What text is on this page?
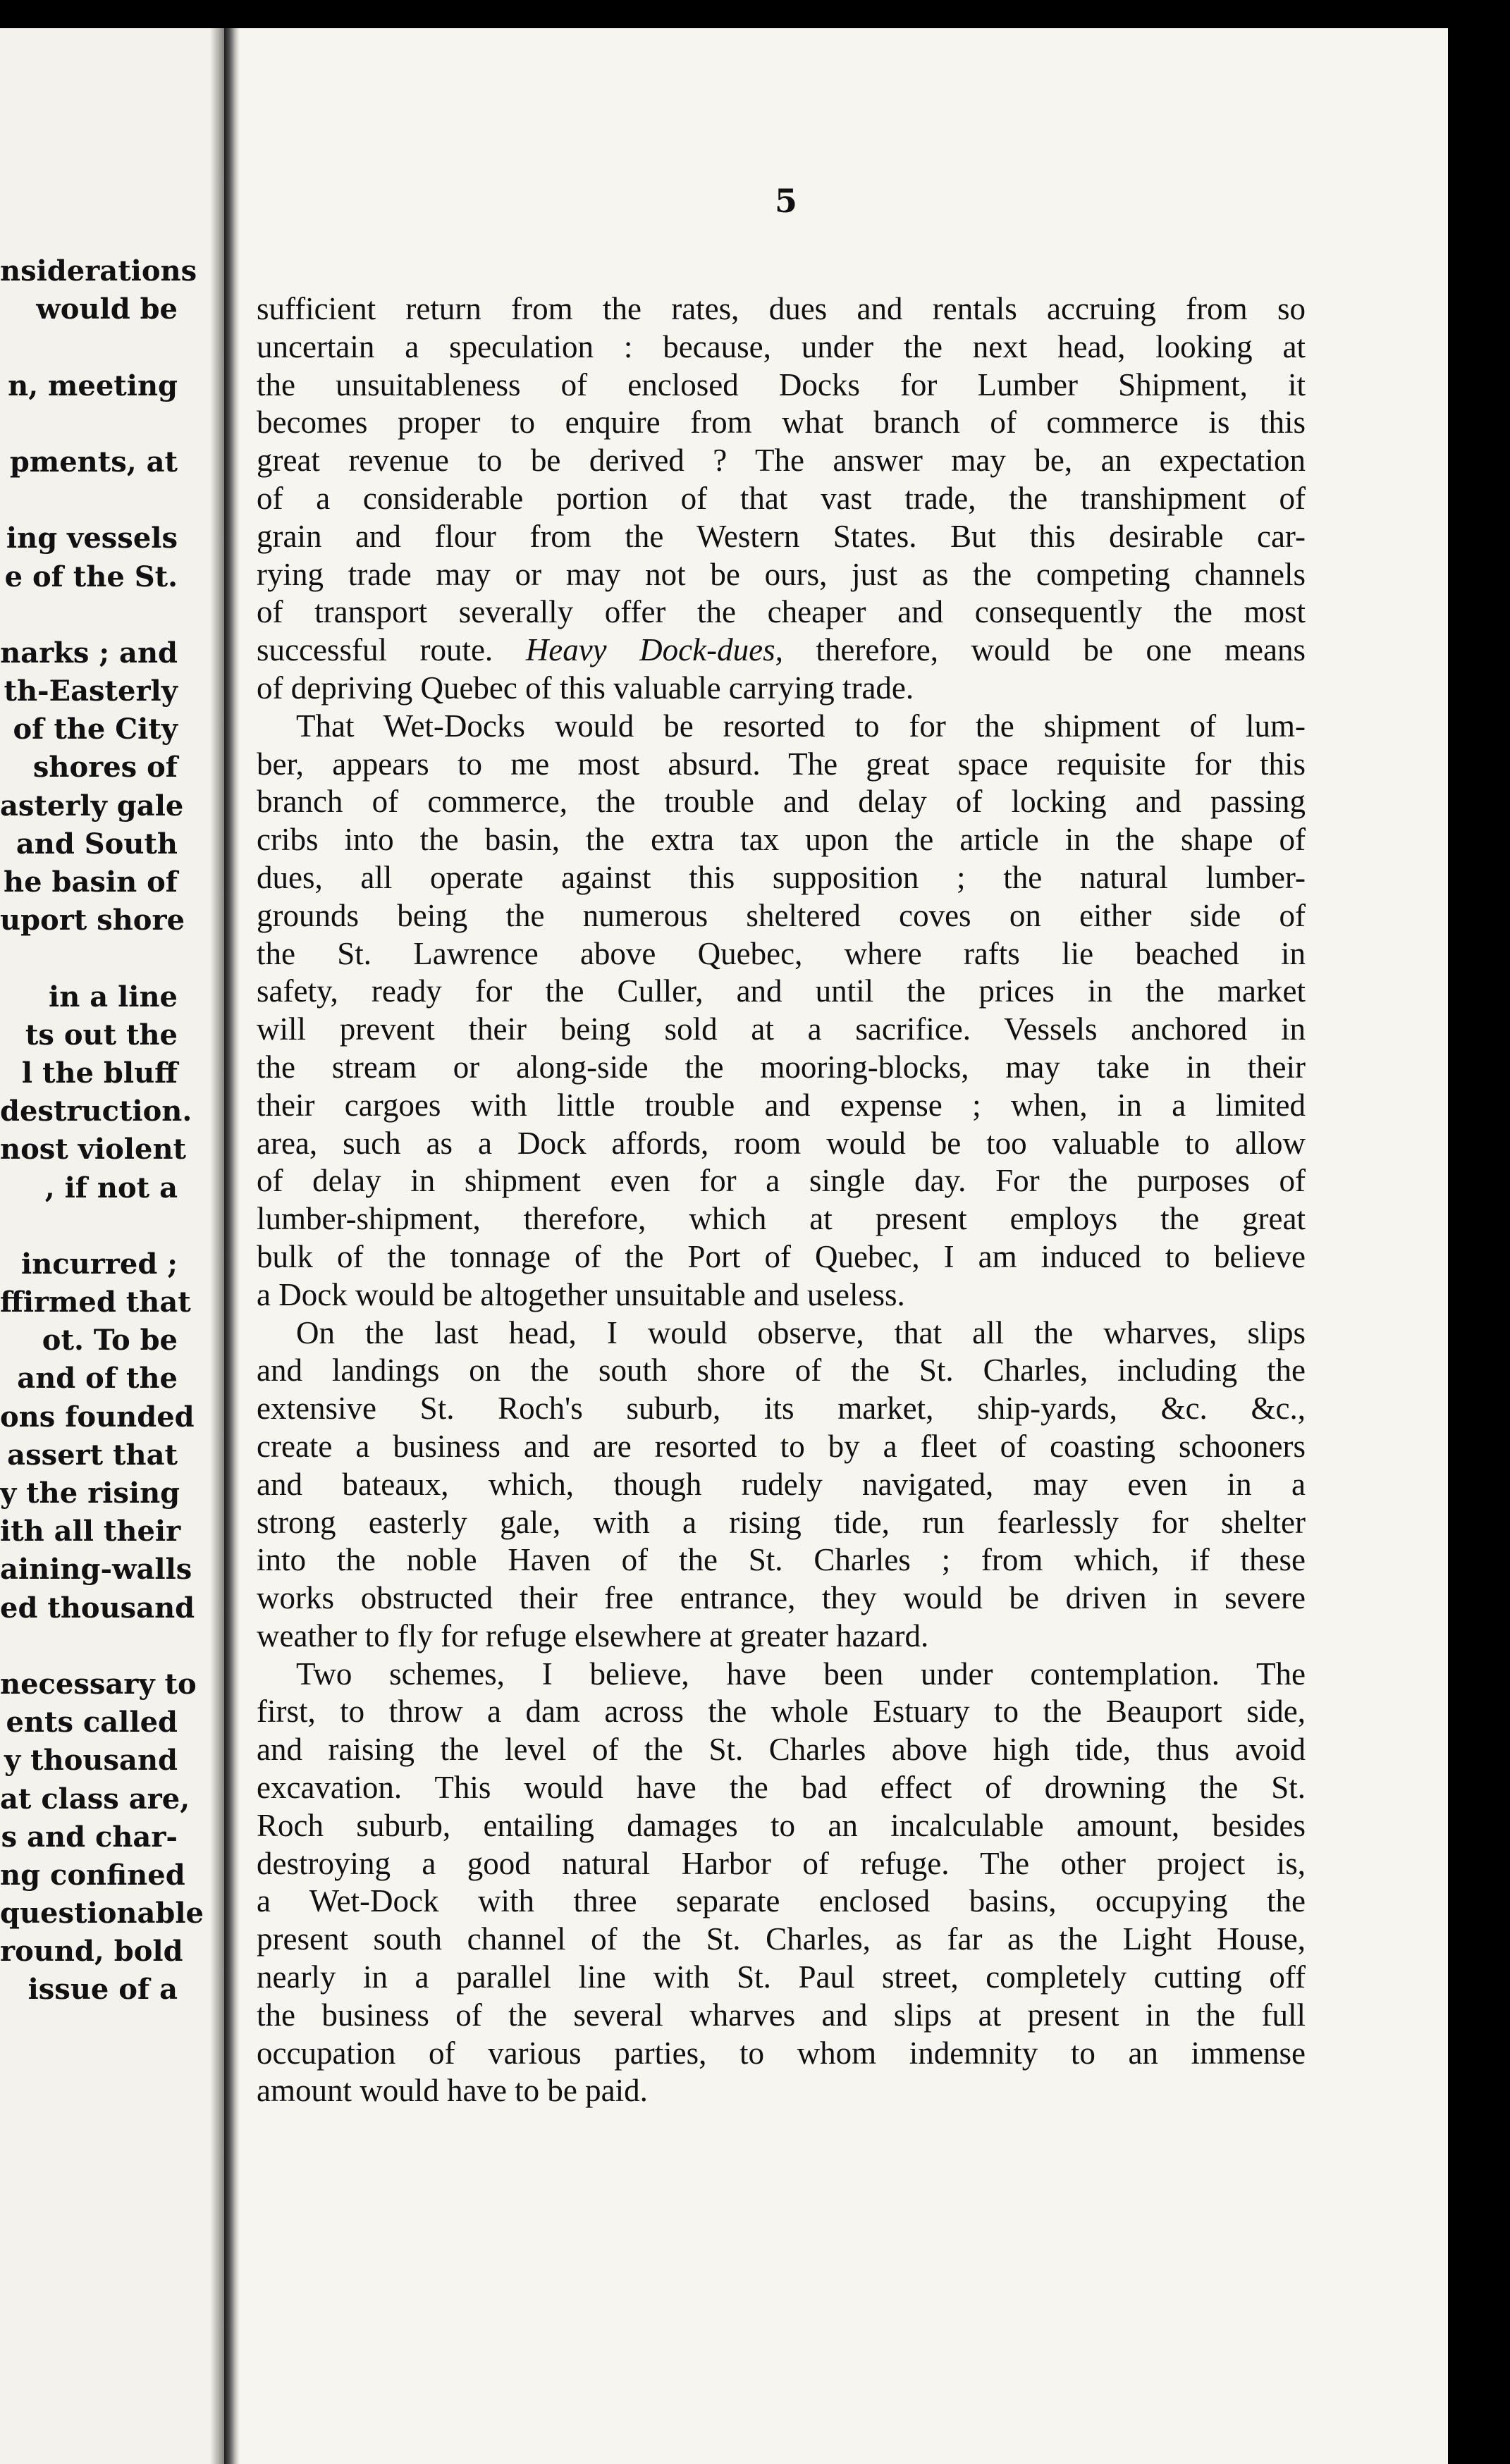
nsiderations
would be
n, meeting
pments, at
ing vessels
e of the St.
narks ; and
th-Easterly
of the City
shores of
asterly gale
and South
he basin of
uport shore
in a line
ts out the
l the bluff
destruction.
nost violent
, if not a
incurred ;
ffirmed that
ot. To be
and of the
ons founded
assert that
y the rising
ith all their
aining-walls
ed thousand
necessary to
ents called
y thousand
at class are,
s and char-
ng confined
questionable
round, bold
issue of a
5
sufficient return from the rates, dues and rentals accruing from so
uncertain a speculation : because, under the next head, looking at
the unsuitableness of enclosed Docks for Lumber Shipment, it
becomes proper to enquire from what branch of commerce is this
great revenue to be derived ? The answer may be, an expectation
of a considerable portion of that vast trade, the transhipment of
grain and flour from the Western States. But this desirable car-
rying trade may or may not be ours, just as the competing channels
of transport severally offer the cheaper and consequently the most
successful route. Heavy Dock-dues, therefore, would be one means
of depriving Quebec of this valuable carrying trade.
That Wet-Docks would be resorted to for the shipment of lum-
ber, appears to me most absurd. The great space requisite for this
branch of commerce, the trouble and delay of locking and passing
cribs into the basin, the extra tax upon the article in the shape of
dues, all operate against this supposition ; the natural lumber-
grounds being the numerous sheltered coves on either side of
the St. Lawrence above Quebec, where rafts lie beached in
safety, ready for the Culler, and until the prices in the market
will prevent their being sold at a sacrifice. Vessels anchored in
the stream or along-side the mooring-blocks, may take in their
their cargoes with little trouble and expense ; when, in a limited
area, such as a Dock affords, room would be too valuable to allow
of delay in shipment even for a single day. For the purposes of
lumber-shipment, therefore, which at present employs the great
bulk of the tonnage of the Port of Quebec, I am induced to believe
a Dock would be altogether unsuitable and useless.
On the last head, I would observe, that all the wharves, slips
and landings on the south shore of the St. Charles, including the
extensive St. Roch's suburb, its market, ship-yards, &c. &c.,
create a business and are resorted to by a fleet of coasting schooners
and bateaux, which, though rudely navigated, may even in a
strong easterly gale, with a rising tide, run fearlessly for shelter
into the noble Haven of the St. Charles ; from which, if these
works obstructed their free entrance, they would be driven in severe
weather to fly for refuge elsewhere at greater hazard.
Two schemes, I believe, have been under contemplation. The
first, to throw a dam across the whole Estuary to the Beauport side,
and raising the level of the St. Charles above high tide, thus avoid
excavation. This would have the bad effect of drowning the St.
Roch suburb, entailing damages to an incalculable amount, besides
destroying a good natural Harbor of refuge. The other project is,
a Wet-Dock with three separate enclosed basins, occupying the
present south channel of the St. Charles, as far as the Light House,
nearly in a parallel line with St. Paul street, completely cutting off
the business of the several wharves and slips at present in the full
occupation of various parties, to whom indemnity to an immense
amount would have to be paid.
